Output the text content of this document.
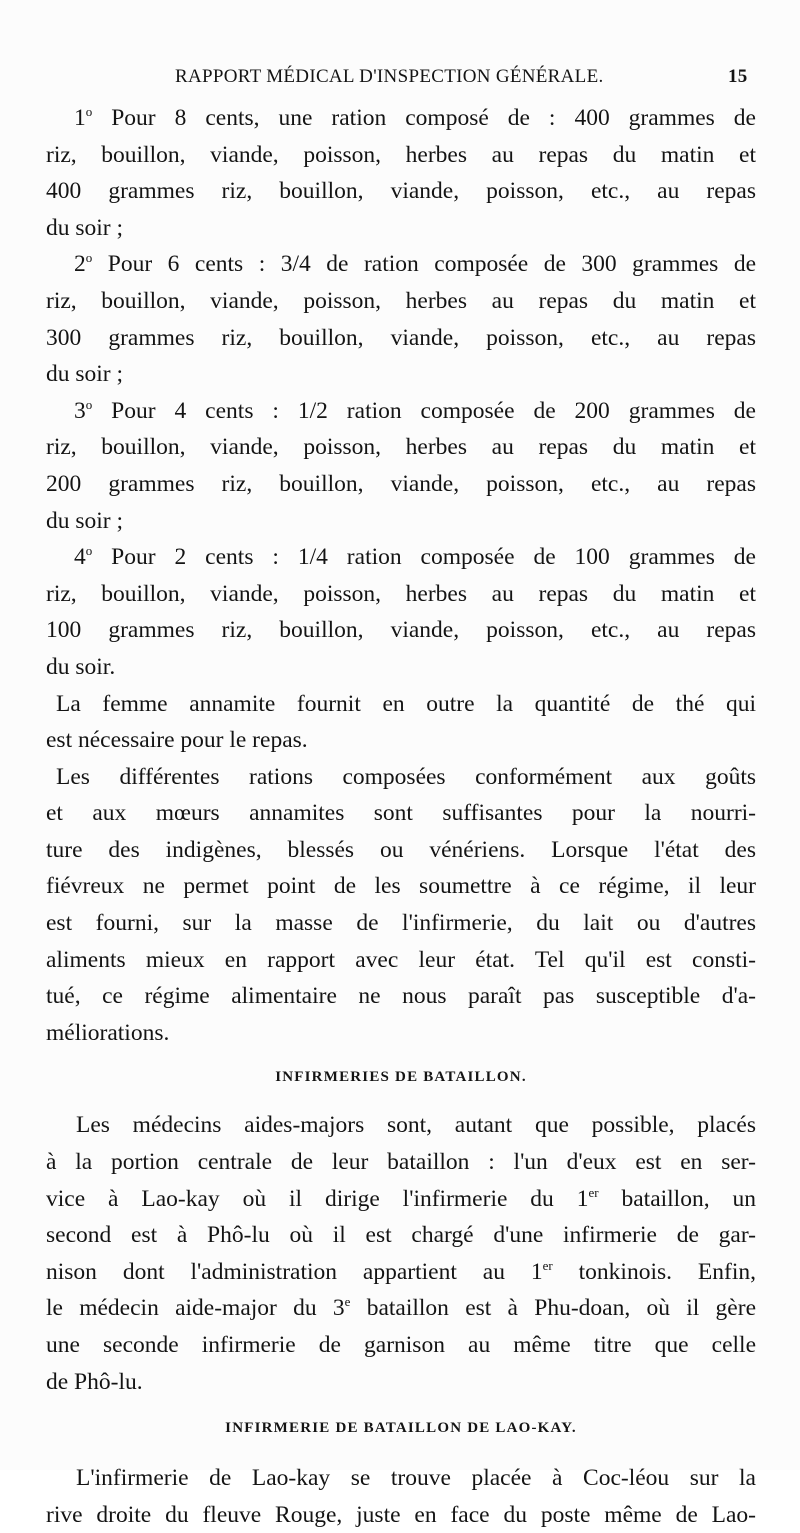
RAPPORT MÉDICAL D'INSPECTION GÉNÉRALE.	15
1$^o$ Pour 8 cents, une ration composé de : 400 grammes de
riz, bouillon, viande, poisson, herbes au repas du matin et
400 grammes riz, bouillon, viande, poisson, etc., au repas
du soir ;
2$^o$ Pour 6 cents : 3/4 de ration composée de 300 grammes de
riz, bouillon, viande, poisson, herbes au repas du matin et
300 grammes riz, bouillon, viande, poisson, etc., au repas
du soir ;
3$^o$ Pour 4 cents : 1/2 ration composée de 200 grammes de
riz, bouillon, viande, poisson, herbes au repas du matin et
200 grammes riz, bouillon, viande, poisson, etc., au repas
du soir ;
4$^o$ Pour 2 cents : 1/4 ration composée de 100 grammes de
riz, bouillon, viande, poisson, herbes au repas du matin et
100 grammes riz, bouillon, viande, poisson, etc., au repas
du soir.
La femme annamite fournit en outre la quantité de thé qui
est nécessaire pour le repas.
Les différentes rations composées conformément aux goûts
et aux mœurs annamites sont suffisantes pour la nourri-
ture des indigènes, blessés ou vénériens. Lorsque l'état des
fiévreux ne permet point de les soumettre à ce régime, il leur
est fourni, sur la masse de l'infirmerie, du lait ou d'autres
aliments mieux en rapport avec leur état. Tel qu'il est consti-
tué, ce régime alimentaire ne nous paraît pas susceptible d'a-
méliorations.
INFIRMERIES DE BATAILLON.
Les médecins aides-majors sont, autant que possible, placés
à la portion centrale de leur bataillon : l'un d'eux est en ser-
vice à Lao-kay où il dirige l'infirmerie du 1er bataillon, un
second est à Phô-lu où il est chargé d'une infirmerie de gar-
nison dont l'administration appartient au 1er tonkinois. Enfin,
le médecin aide-major du 3e bataillon est à Phu-doan, où il gère
une seconde infirmerie de garnison au même titre que celle
de Phô-lu.
INFIRMERIE DE BATAILLON DE LAO-KAY.
L'infirmerie de Lao-kay se trouve placée à Coc-léou sur la
rive droite du fleuve Rouge, juste en face du poste même de Lao-
